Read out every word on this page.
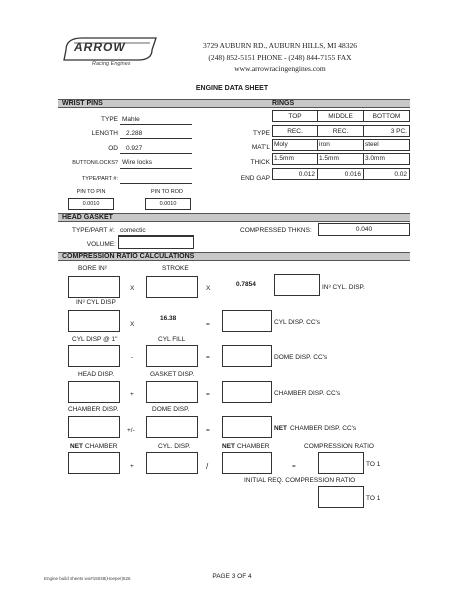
ARROW
Racing Engines
3729 AUBURN RD., AUBURN HILLS, MI 48326
(248) 852-5151 PHONE - (248) 844-7155 FAX
www.arrowracingengines.com
ENGINE DATA SHEET
WRIST PINS	RINGS
TYPE Mahle
LENGTH 2.288
OD 0.927
BUTTON/LOCKS? Wire locks
TYPE/PART #:
PIN TO PIN
0.0010
PIN TO ROD
0.0010
TOP	MIDDLE	BOTTOM
TYPE	REC.	REC.	3 PC.
MAT'L Moly	iron	steel
THICK
1.5mm	1.5mm	3.0mm
END GAP
0.012	0.016	0.02
HEAD GASKET
TYPE/PART #: comectic
VOLUME:
COMPRESSED THKNS:	0.040
COMPRESSION RATIO CALCULATIONS
BORE IN²	STROKE
X	X
0.7854	IN³ CYL. DISP.
IN³ CYL DISP
X
16.38
=	CYL DISP. CC's
CYL DISP @ 1"	CYL FILL
-	=	DOME DISP. CC's
HEAD DISP.	GASKET DISP.
+	=	CHAMBER DISP. CC's
CHAMBER DISP.	DOME DISP.
+/-	=	NET CHAMBER DISP. CC's
NET CHAMBER	CYL. DISP.	NET CHAMBER	COMPRESSION RATIO
+	/	=	TO 1
INITIAL REQ. COMPRESSION RATIO
TO 1
Engine build sheets wo#15048(Hoeper)626	PAGE 3 OF 4
